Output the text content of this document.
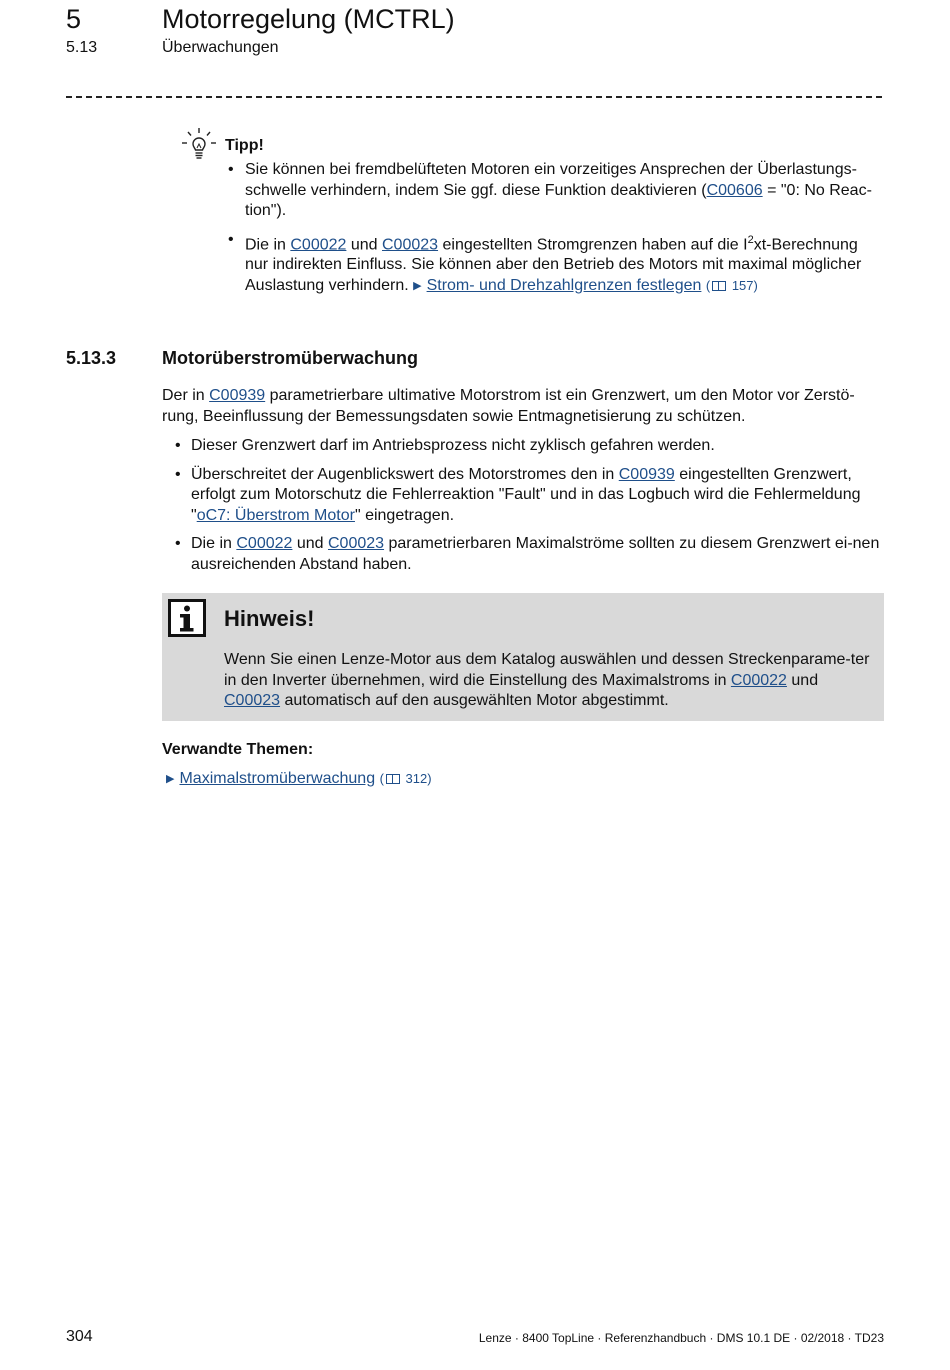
5	Motorregelung (MCTRL)
5.13	Überwachungen
Tipp!
• Sie können bei fremdbelüfteten Motoren ein vorzeitiges Ansprechen der Überlastungs-schwelle verhindern, indem Sie ggf. diese Funktion deaktivieren (C00606 = "0: No Reac-tion").
• Die in C00022 und C00023 eingestellten Stromgrenzen haben auf die $I^2xt$-Berechnung nur indirekten Einfluss. Sie können aber den Betrieb des Motors mit maximal möglicher Auslastung verhindern. ▶ Strom- und Drehzahlgrenzen festlegen ( 157)
5.13.3	Motorüberstromüberwachung
Der in C00939 parametrierbare ultimative Motorstrom ist ein Grenzwert, um den Motor vor Zerstö-rung, Beeinflussung der Bemessungsdaten sowie Entmagnetisierung zu schützen.
• Dieser Grenzwert darf im Antriebsprozess nicht zyklisch gefahren werden.
• Überschreitet der Augenblickswert des Motorstromes den in C00939 eingestellten Grenzwert, erfolgt zum Motorschutz die Fehlerreaktion "Fault" und in das Logbuch wird die Fehlermeldung "oC7: Überstrom Motor" eingetragen.
• Die in C00022 und C00023 parametrierbaren Maximalströme sollten zu diesem Grenzwert ei-nen ausreichenden Abstand haben.
Hinweis!
Wenn Sie einen Lenze-Motor aus dem Katalog auswählen und dessen Streckenparame-ter in den Inverter übernehmen, wird die Einstellung des Maximalstroms in C00022 und C00023 automatisch auf den ausgewählten Motor abgestimmt.
Verwandte Themen:
▶ Maximalstromüberwachung ( 312)
304	Lenze · 8400 TopLine · Referenzhandbuch · DMS 10.1 DE · 02/2018 · TD23
